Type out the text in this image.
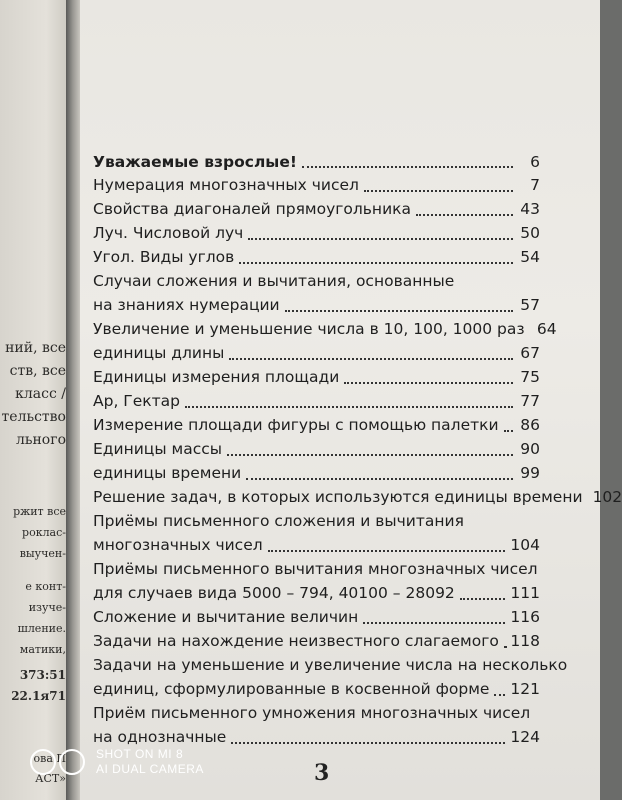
ний, все
ств, все
класс /
тельство
льного
ржит все
роклас-
выучен-
е конт-
изуче-
шление.
матики,
373:51
22.1я71
ова П
АСТ»
Уважаемые взрослые!	6
Нумерация многозначных чисел	7
Свойства диагоналей прямоугольника	43
Луч. Числовой луч	50
Угол. Виды углов	54
Случаи сложения и вычитания, основанные
на знаниях нумерации	57
Увеличение и уменьшение числа в 10, 100, 1000 раз 64
единицы длины	67
Единицы измерения площади	75
Ар, Гектар	77
Измерение площади фигуры с помощью палетки 86
Единицы массы	90
единицы времени	99
Решение задач, в которых используются единицы времени 102
Приёмы письменного сложения и вычитания
многозначных чисел	104
Приёмы письменного вычитания многозначных чисел
для случаев вида 5000 – 794, 40100 – 28092	111
Сложение и вычитание величин	116
Задачи на нахождение неизвестного слагаемого 118
Задачи на уменьшение и увеличение числа на несколько
единиц, сформулированные в косвенной форме 121
Приём письменного умножения многозначных чисел
на однозначные	124
3
SHOT ON MI 8
AI DUAL CAMERA
